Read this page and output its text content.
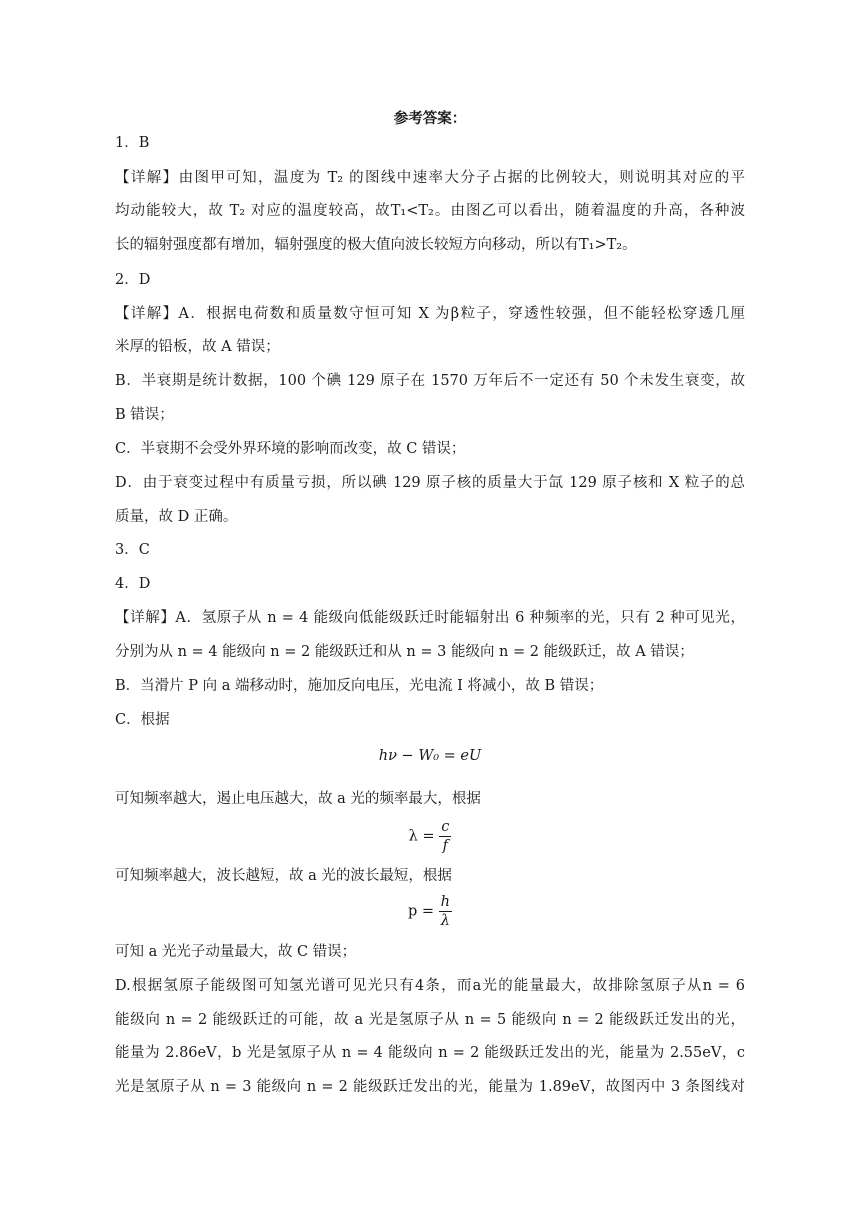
参考答案：
1．B
【详解】由图甲可知，温度为 T₂ 的图线中速率大分子占据的比例较大，则说明其对应的平
均动能较大，故 T₂ 对应的温度较高，故T₁<T₂。由图乙可以看出，随着温度的升高，各种波
长的辐射强度都有增加，辐射强度的极大值向波长较短方向移动，所以有T₁>T₂。
2．D
【详解】A．根据电荷数和质量数守恒可知 X 为β粒子，穿透性较强，但不能轻松穿透几厘
米厚的铅板，故 A 错误；
B．半衰期是统计数据，100 个碘 129 原子在 1570 万年后不一定还有 50 个未发生衰变，故
B 错误；
C．半衰期不会受外界环境的影响而改变，故 C 错误；
D．由于衰变过程中有质量亏损，所以碘 129 原子核的质量大于氙 129 原子核和 X 粒子的总
质量，故 D 正确。
3．C
4．D
【详解】A．氢原子从 n = 4 能级向低能级跃迁时能辐射出 6 种频率的光，只有 2 种可见光，
分别为从 n = 4 能级向 n = 2 能级跃迁和从 n = 3 能级向 n = 2 能级跃迁，故 A 错误；
B．当滑片 P 向 a 端移动时，施加反向电压，光电流 I 将减小，故 B 错误；
C．根据
hν − W₀ = eU
可知频率越大，遏止电压越大，故 a 光的频率最大，根据
$\lambda = \frac{c}{f}$
可知频率越大，波长越短，故 a 光的波长最短，根据
$p = \frac{h}{\lambda}$
可知 a 光光子动量最大，故 C 错误；
D.根据氢原子能级图可知氢光谱可见光只有4条，而a光的能量最大，故排除氢原子从n = 6
能级向 n = 2 能级跃迁的可能，故 a 光是氢原子从 n = 5 能级向 n = 2 能级跃迁发出的光，
能量为 2.86eV，b 光是氢原子从 n = 4 能级向 n = 2 能级跃迁发出的光，能量为 2.55eV，c
光是氢原子从 n = 3 能级向 n = 2 能级跃迁发出的光，能量为 1.89eV，故图丙中 3 条图线对
